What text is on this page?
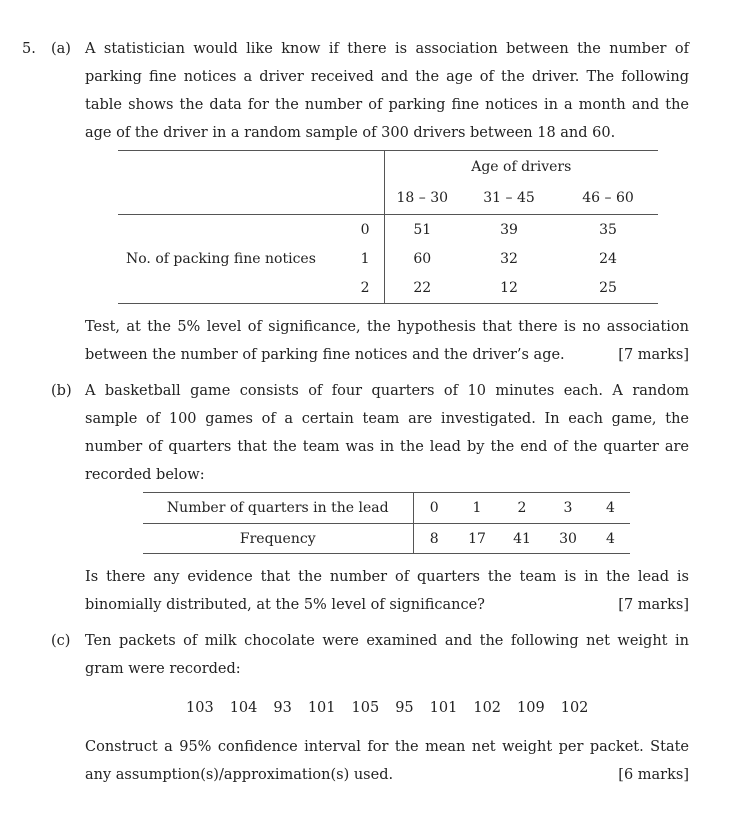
5. (a) A statistician would like know if there is association between the number of
parking fine notices a driver received and the age of the driver. The following
table shows the data for the number of parking fine notices in a month and the
age of the driver in a random sample of 300 drivers between 18 and 60.
		Age of drivers		
		18 – 30	31 – 45	46 – 60
	0	51	39	35
No. of packing fine notices	1	60	32	24
	2	22	12	25
Test, at the 5% level of significance, the hypothesis that there is no association
between the number of parking fine notices and the driver’s age.	[7 marks]
(b) A basketball game consists of four quarters of 10 minutes each. A random
sample of 100 games of a certain team are investigated. In each game, the
number of quarters that the team was in the lead by the end of the quarter are
recorded below:
Number of quarters in the lead	0	1	2	3	4
Frequency	8	17	41	30	4
Is there any evidence that the number of quarters the team is in the lead is
binomially distributed, at the 5% level of significance?	[7 marks]
(c) Ten packets of milk chocolate were examined and the following net weight in
gram were recorded:
103 104 93 101 105 95 101 102 109 102
Construct a 95% confidence interval for the mean net weight per packet. State
any assumption(s)/approximation(s) used.	[6 marks]
